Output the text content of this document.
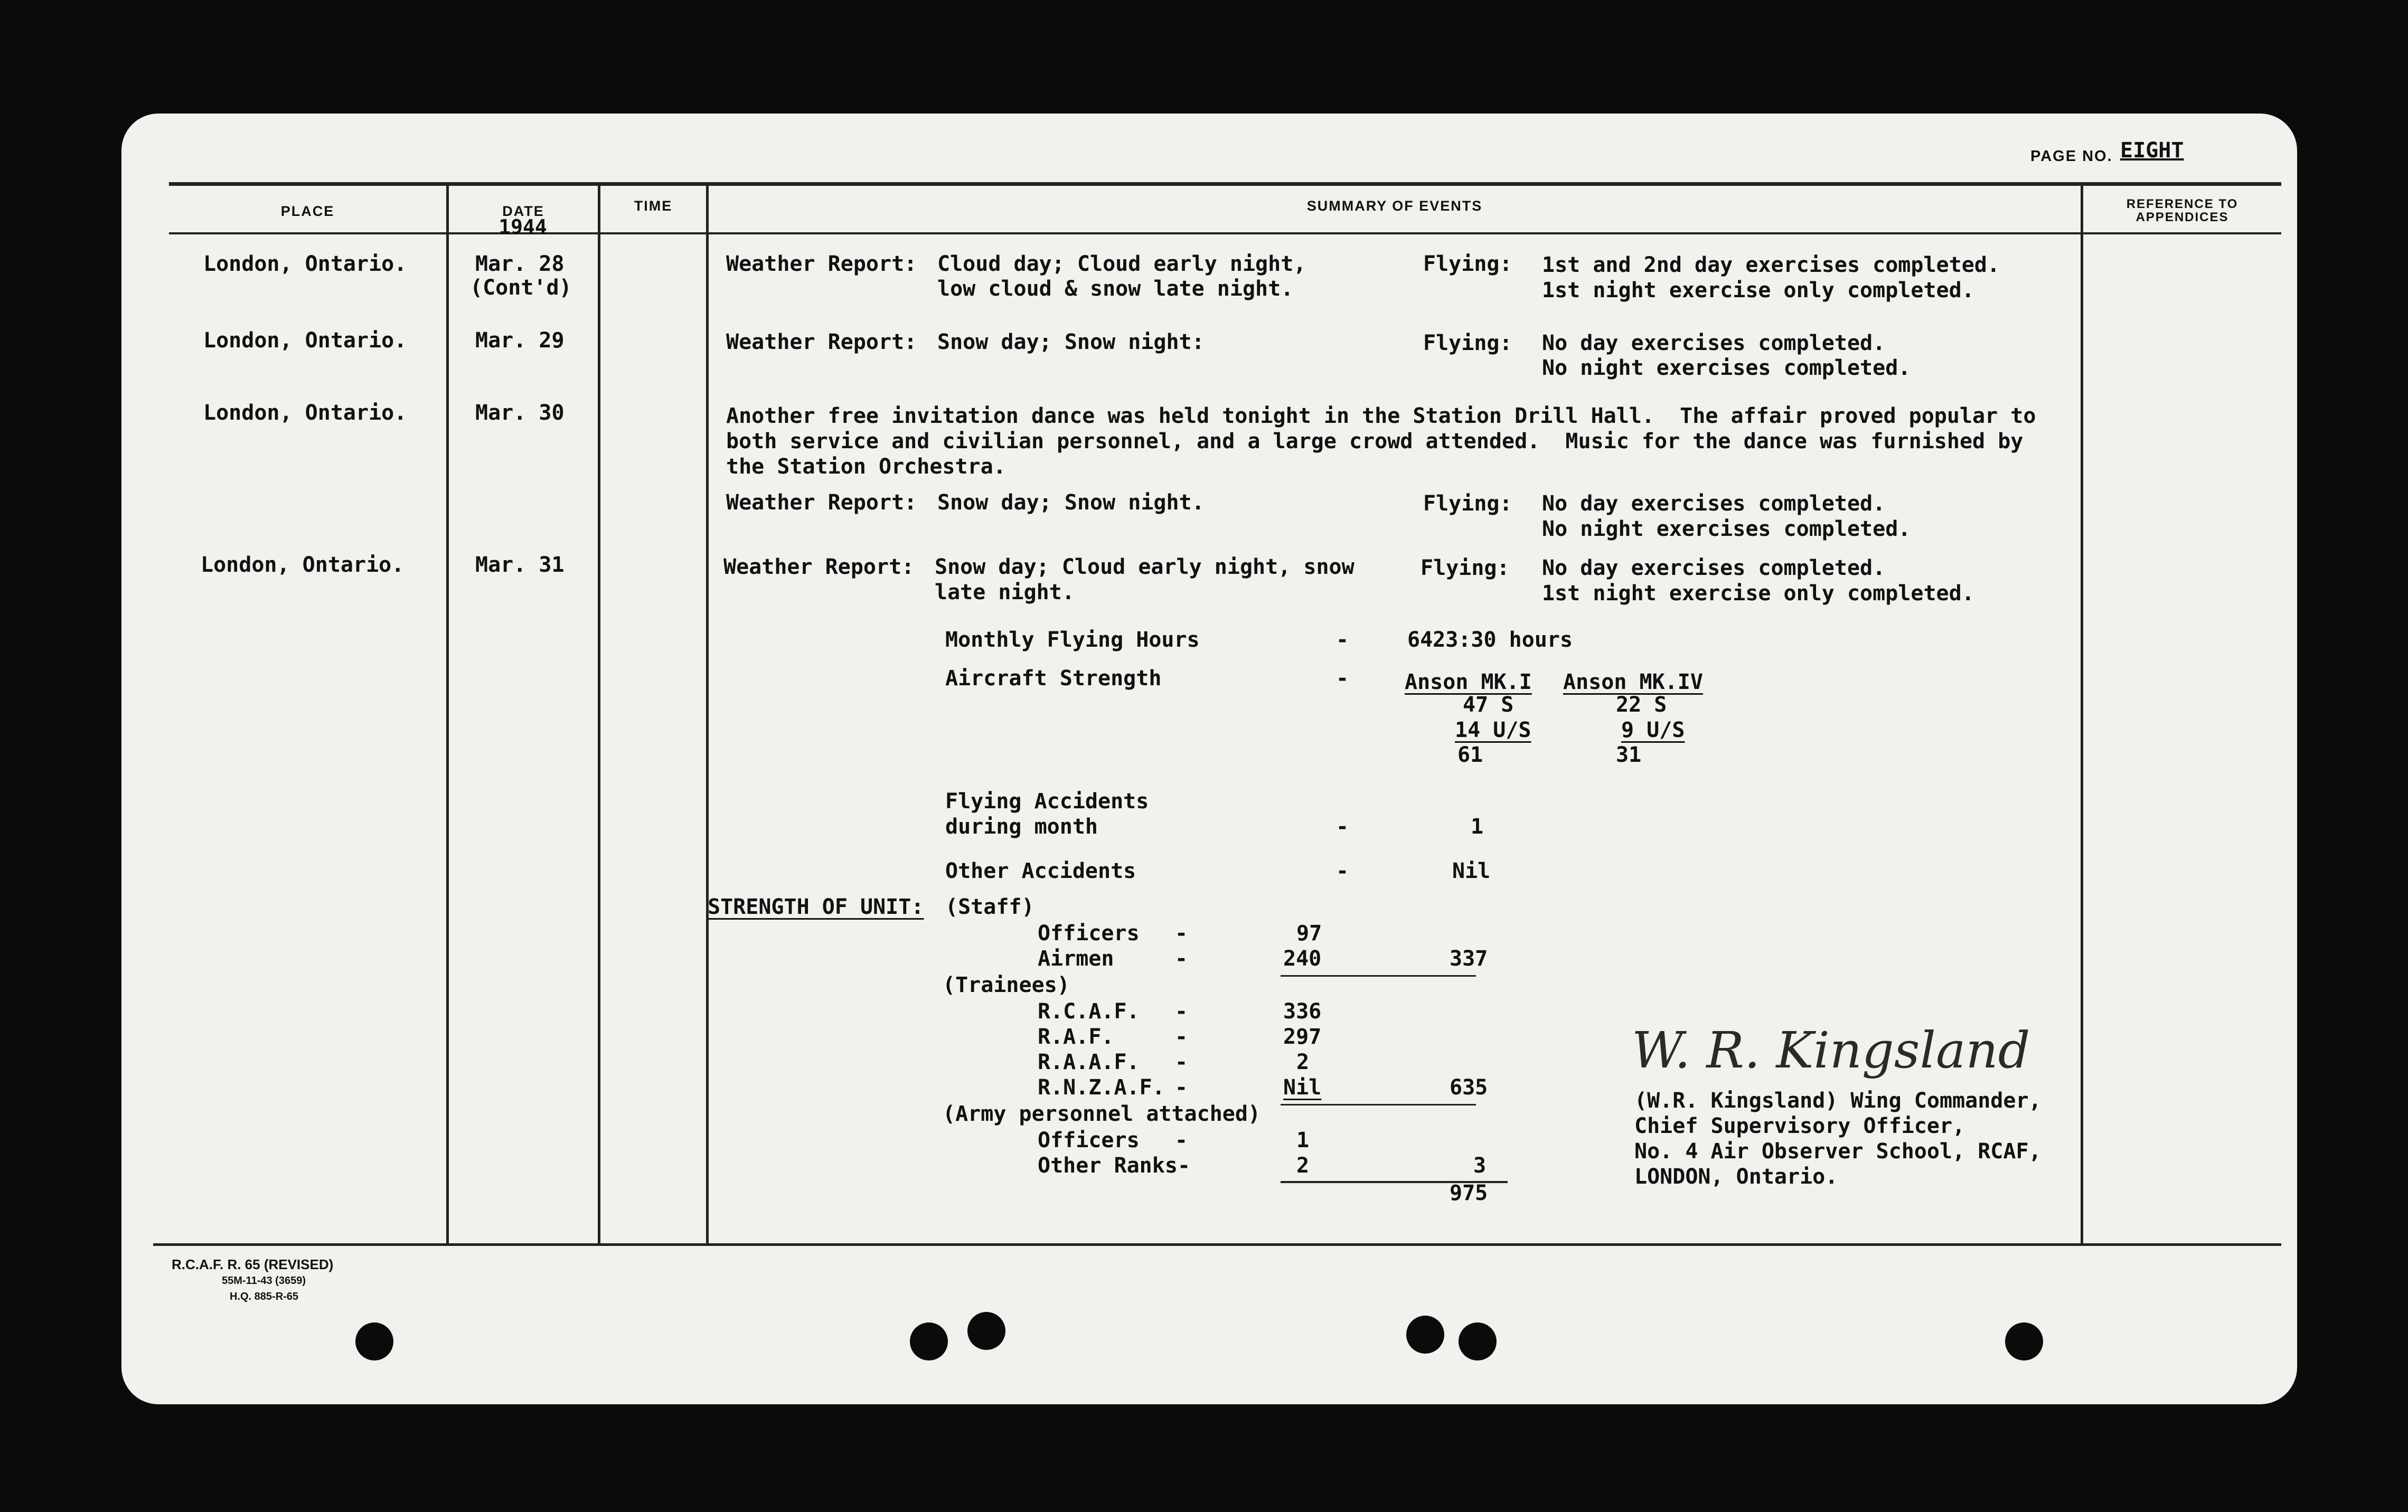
PAGE NO. EIGHT
PLACE	DATE
1944
TIME	SUMMARY OF EVENTS	REFERENCE TO
APPENDICES
London, Ontario.	Mar. 28
(Cont'd)
Weather Report: Cloud day; Cloud early night,
low cloud & snow late night.
Flying: 1st and 2nd day exercises completed.
1st night exercise only completed.
London, Ontario.	Mar. 29	Weather Report: Snow day; Snow night:	Flying: No day exercises completed.
No night exercises completed.
London, Ontario.	Mar. 30	Another free invitation dance was held tonight in the Station Drill Hall.  The affair proved popular to
both service and civilian personnel, and a large crowd attended.  Music for the dance was furnished by
the Station Orchestra.
Weather Report: Snow day; Snow night.	Flying: No day exercises completed.
No night exercises completed.
London, Ontario.	Mar. 31	Weather Report: Snow day; Cloud early night, snow
late night.
Flying: No day exercises completed.
1st night exercise only completed.
Monthly Flying Hours	-	6423:30 hours
Aircraft Strength	-	Anson MK.I Anson MK.IV
47 S	22 S
14 U/S	9 U/S
61	31
Flying Accidents
during month	-	1
Other Accidents	-	Nil
STRENGTH OF UNIT: (Staff)
Officers -	97
Airmen	-	240	337
(Trainees)
R.C.A.F. -	336
R.A.F.	-	297
R.A.A.F. -	2
R.N.Z.A.F. -	Nil	635
(Army personnel attached)
Officers -	1
Other Ranks -	2	3
975
W. R. Kingsland
(W.R. Kingsland) Wing Commander,
Chief Supervisory Officer,
No. 4 Air Observer School, RCAF,
LONDON, Ontario.
R.C.A.F. R. 65 (REVISED)
55M-11-43 (3659)
H.Q. 885-R-65
